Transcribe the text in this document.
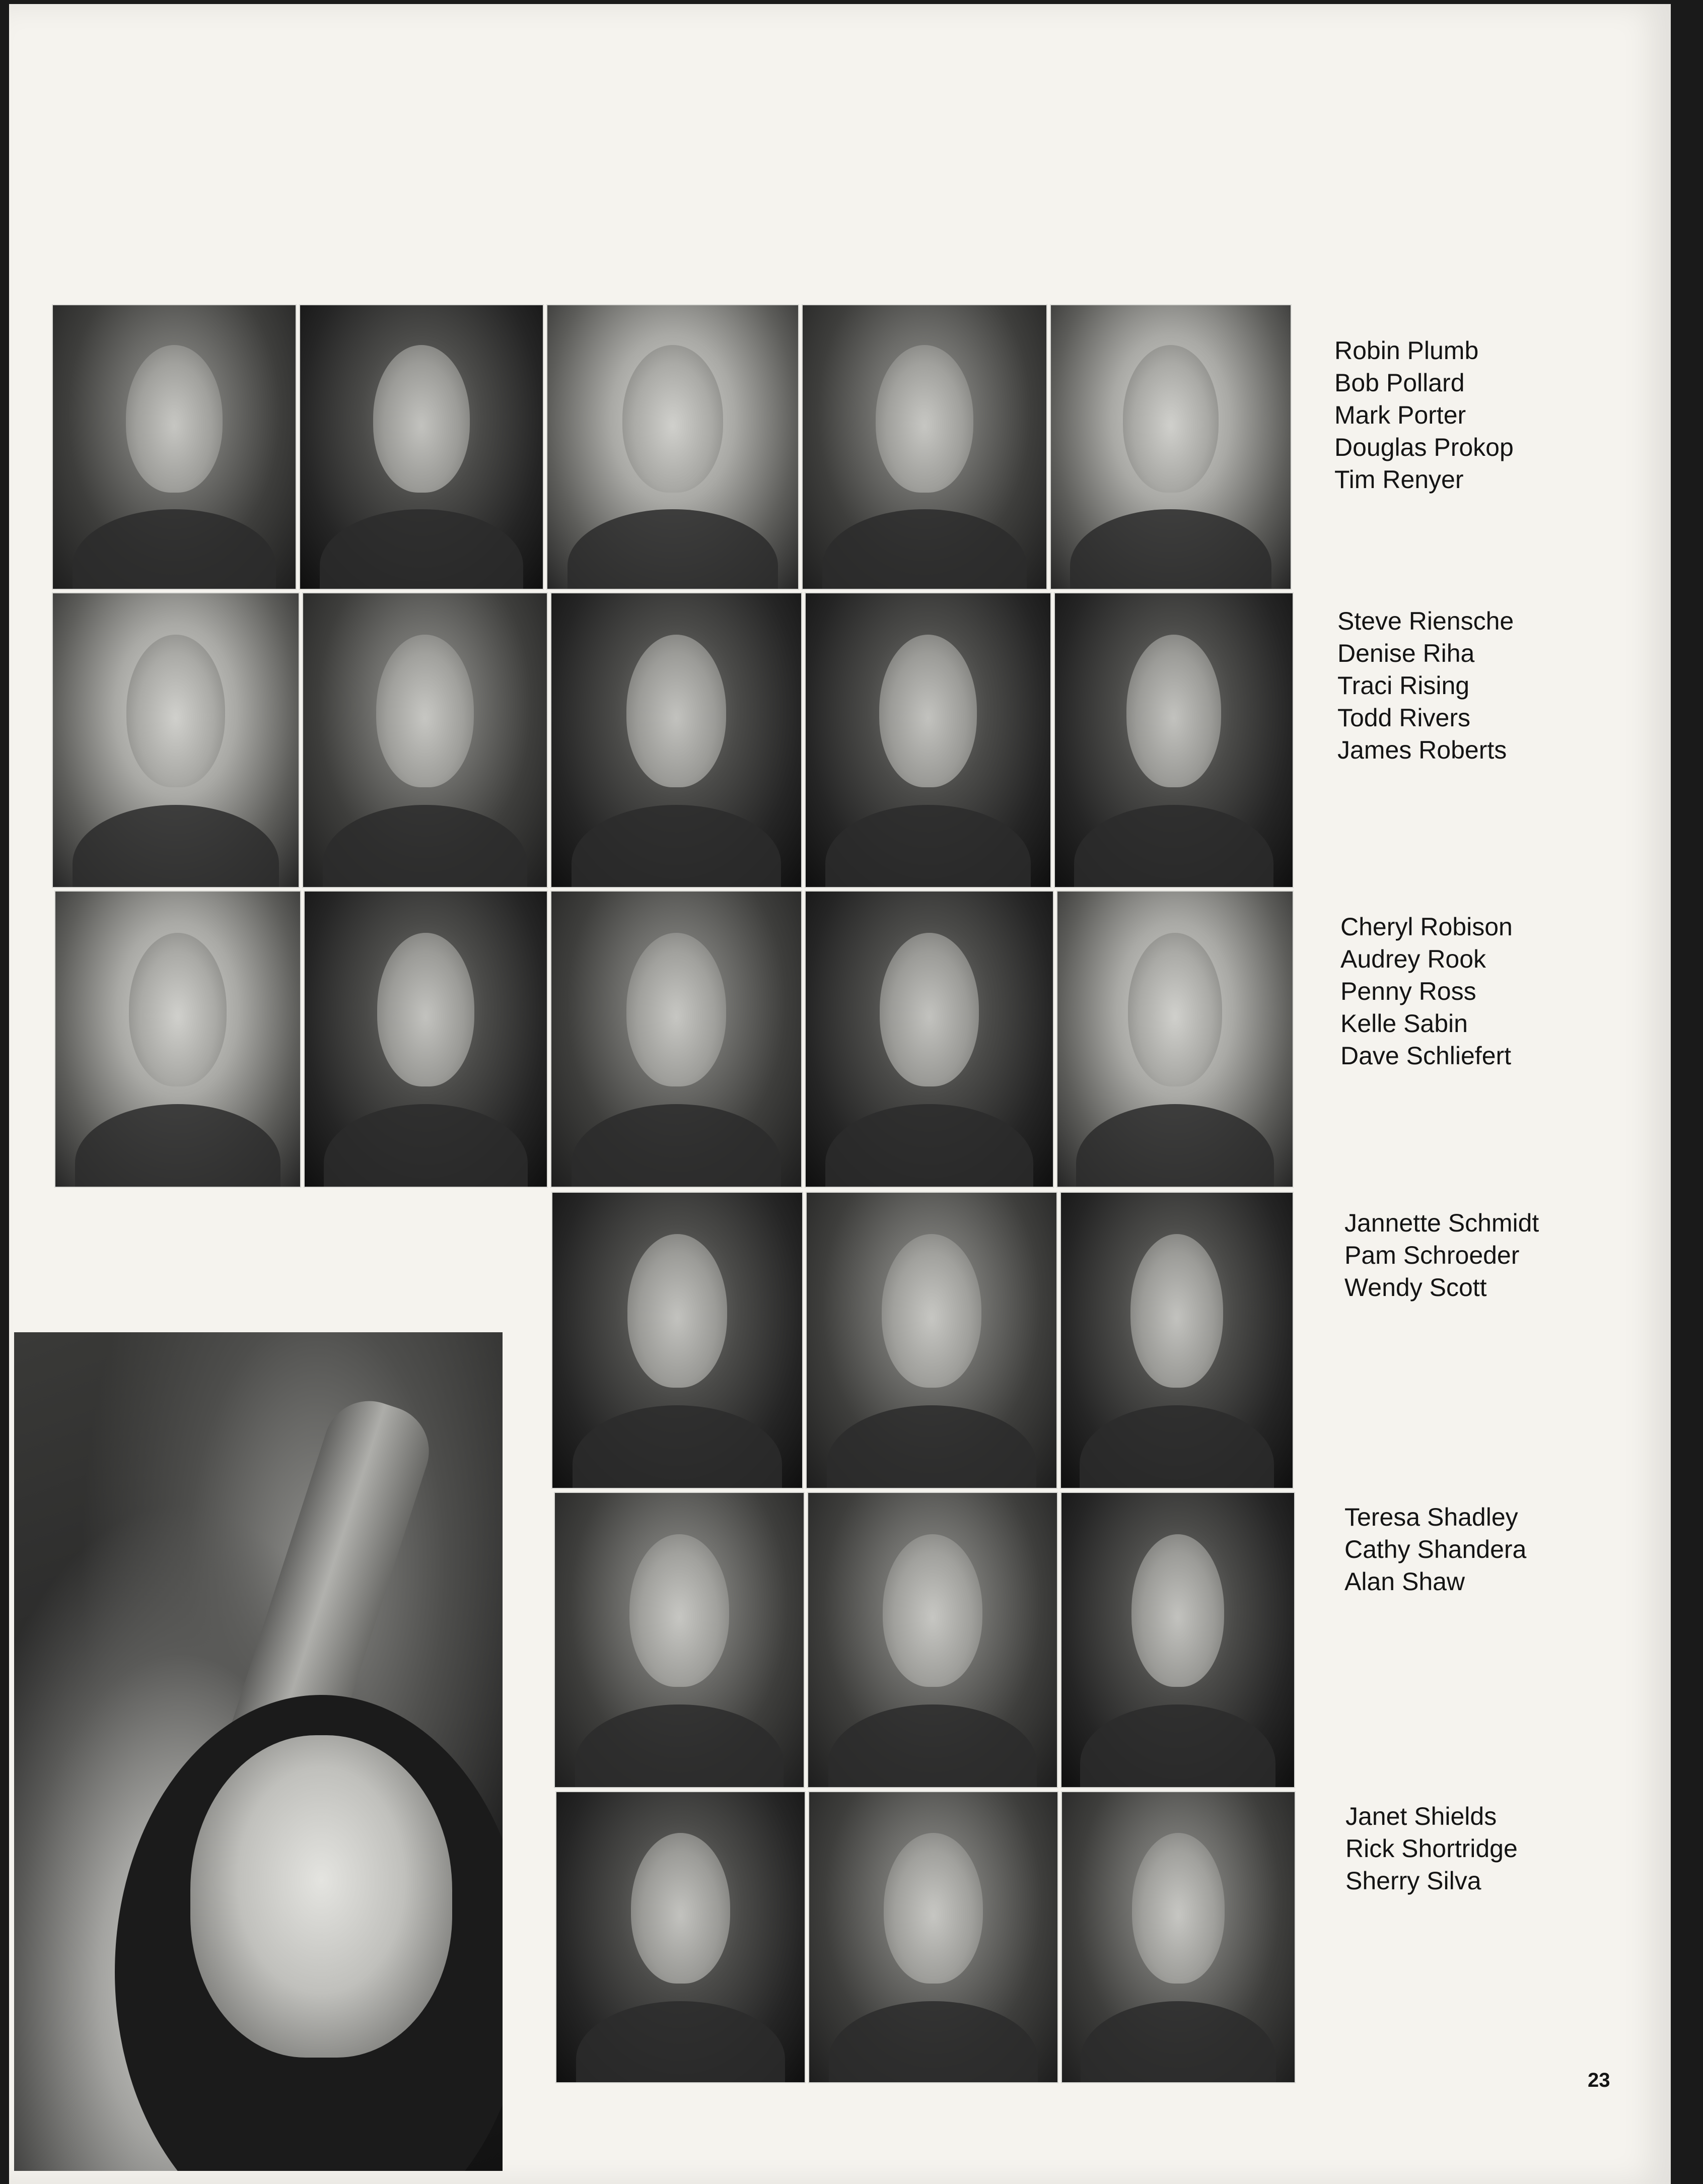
Robin Plumb
Bob Pollard
Mark Porter
Douglas Prokop
Tim Renyer
Steve Riensche
Denise Riha
Traci Rising
Todd Rivers
James Roberts
Cheryl Robison
Audrey Rook
Penny Ross
Kelle Sabin
Dave Schliefert
Jannette Schmidt
Pam Schroeder
Wendy Scott
Teresa Shadley
Cathy Shandera
Alan Shaw
Janet Shields
Rick Shortridge
Sherry Silva
23
